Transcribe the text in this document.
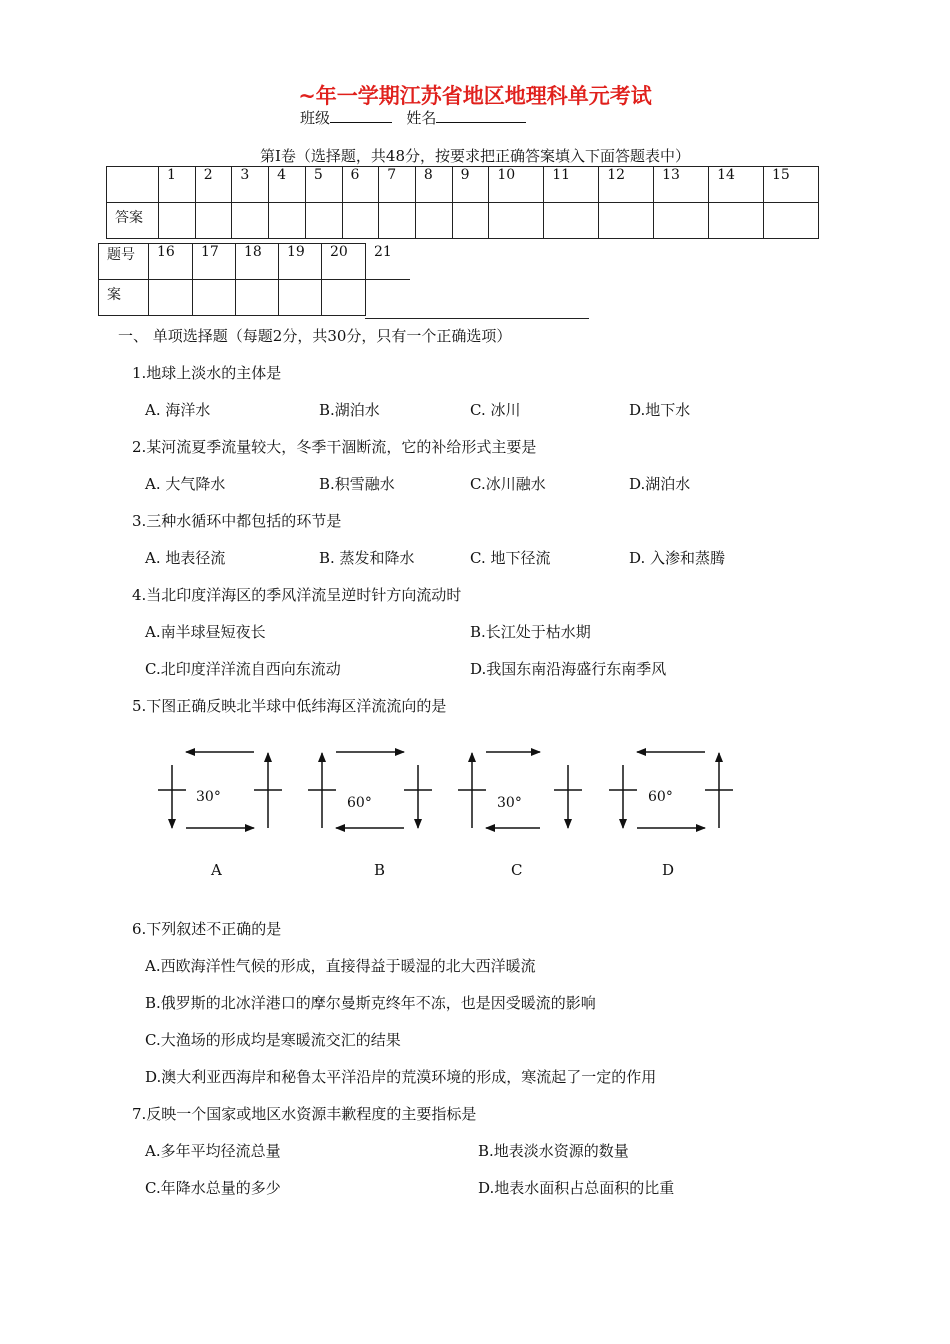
~年一学期江苏省地区地理科单元考试
班级	姓名
第Ⅰ卷（选择题，共48分，按要求把正确答案填入下面答题表中）
	1	2	3	4	5	6	7	8	9	10	11	12	13	14	15
答案															
题号	16	17	18	19	20	21
案						
一、 单项选择题（每题2分，共30分，只有一个正确选项）
1.地球上淡水的主体是
A. 海洋水	B.湖泊水	C. 冰川	D.地下水
2.某河流夏季流量较大，冬季干涸断流，它的补给形式主要是
A. 大气降水	B.积雪融水	C.冰川融水	D.湖泊水
3.三种水循环中都包括的环节是
A. 地表径流	B. 蒸发和降水	C. 地下径流	D. 入渗和蒸腾
4.当北印度洋海区的季风洋流呈逆时针方向流动时
A.南半球昼短夜长	B.长江处于枯水期
C.北印度洋洋流自西向东流动	D.我国东南沿海盛行东南季风
5.下图正确反映北半球中低纬海区洋流流向的是
30°	60°	30°	60°
A	B	C	D
6.下列叙述不正确的是
A.西欧海洋性气候的形成，直接得益于暖湿的北大西洋暖流
B.俄罗斯的北冰洋港口的摩尔曼斯克终年不冻，也是因受暖流的影响
C.大渔场的形成均是寒暖流交汇的结果
D.澳大利亚西海岸和秘鲁太平洋沿岸的荒漠环境的形成，寒流起了一定的作用
7.反映一个国家或地区水资源丰歉程度的主要指标是
A.多年平均径流总量	B.地表淡水资源的数量
C.年降水总量的多少	D.地表水面积占总面积的比重
